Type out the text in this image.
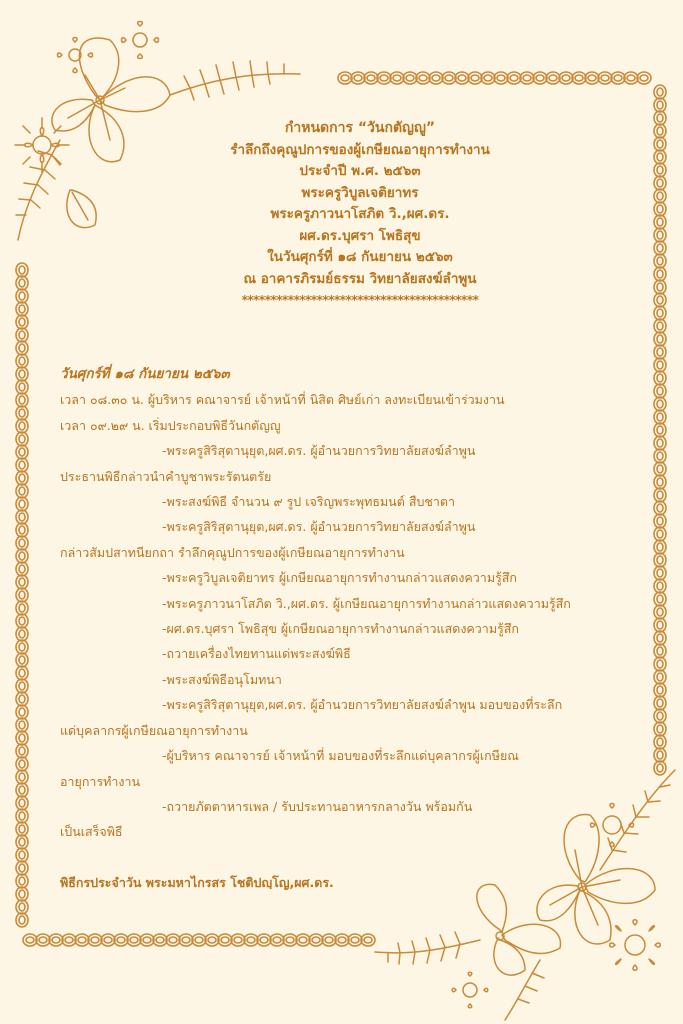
กำหนดการ “วันกตัญญู”
รำลึกถึงคุณูปการของผู้เกษียณอายุการทำงาน
ประจำปี พ.ศ. ๒๕๖๓
พระครูวิบูลเจติยาทร
พระครูภาวนาโสภิต วิ.,ผศ.ดร.
ผศ.ดร.บุศรา โพธิสุข
ในวันศุกร์ที่ ๑๘ กันยายน ๒๕๖๓
ณ อาคารภิรมย์ธรรม วิทยาลัยสงฆ์ลำพูน
*****************************************
วันศุกร์ที่ ๑๘ กันยายน ๒๕๖๓
เวลา ๐๘.๓๐ น. ผู้บริหาร คณาจารย์ เจ้าหน้าที่ นิสิต ศิษย์เก่า ลงทะเบียนเข้าร่วมงาน
เวลา ๐๙.๒๙ น. เริ่มประกอบพิธีวันกตัญญู
-พระครูสิริสุตานุยุต,ผศ.ดร. ผู้อำนวยการวิทยาลัยสงฆ์ลำพูน
ประธานพิธีกล่าวนำคำบูชาพระรัตนตรัย
-พระสงฆ์พิธี จำนวน ๙ รูป เจริญพระพุทธมนต์ สืบชาตา
-พระครูสิริสุตานุยุต,ผศ.ดร. ผู้อำนวยการวิทยาลัยสงฆ์ลำพูน
กล่าวสัมปสาทนียกถา รำลึกคุณูปการของผู้เกษียณอายุการทำงาน
-พระครูวิบูลเจติยาทร ผู้เกษียณอายุการทำงานกล่าวแสดงความรู้สึก
-พระครูภาวนาโสภิต วิ.,ผศ.ดร. ผู้เกษียณอายุการทำงานกล่าวแสดงความรู้สึก
-ผศ.ดร.บุศรา โพธิสุข ผู้เกษียณอายุการทำงานกล่าวแสดงความรู้สึก
-ถวายเครื่องไทยทานแด่พระสงฆ์พิธี
-พระสงฆ์พิธีอนุโมทนา
-พระครูสิริสุตานุยุต,ผศ.ดร. ผู้อำนวยการวิทยาลัยสงฆ์ลำพูน มอบของที่ระลึก
แด่บุคลากรผู้เกษียณอายุการทำงาน
-ผู้บริหาร คณาจารย์ เจ้าหน้าที่ มอบของที่ระลึกแด่บุคลากรผู้เกษียณ
อายุการทำงาน
-ถวายภัตตาหารเพล / รับประทานอาหารกลางวัน พร้อมกัน
เป็นเสร็จพิธี
พิธีกรประจำวัน พระมหาไกรสร โชติปญฺโญ,ผศ.ดร.
